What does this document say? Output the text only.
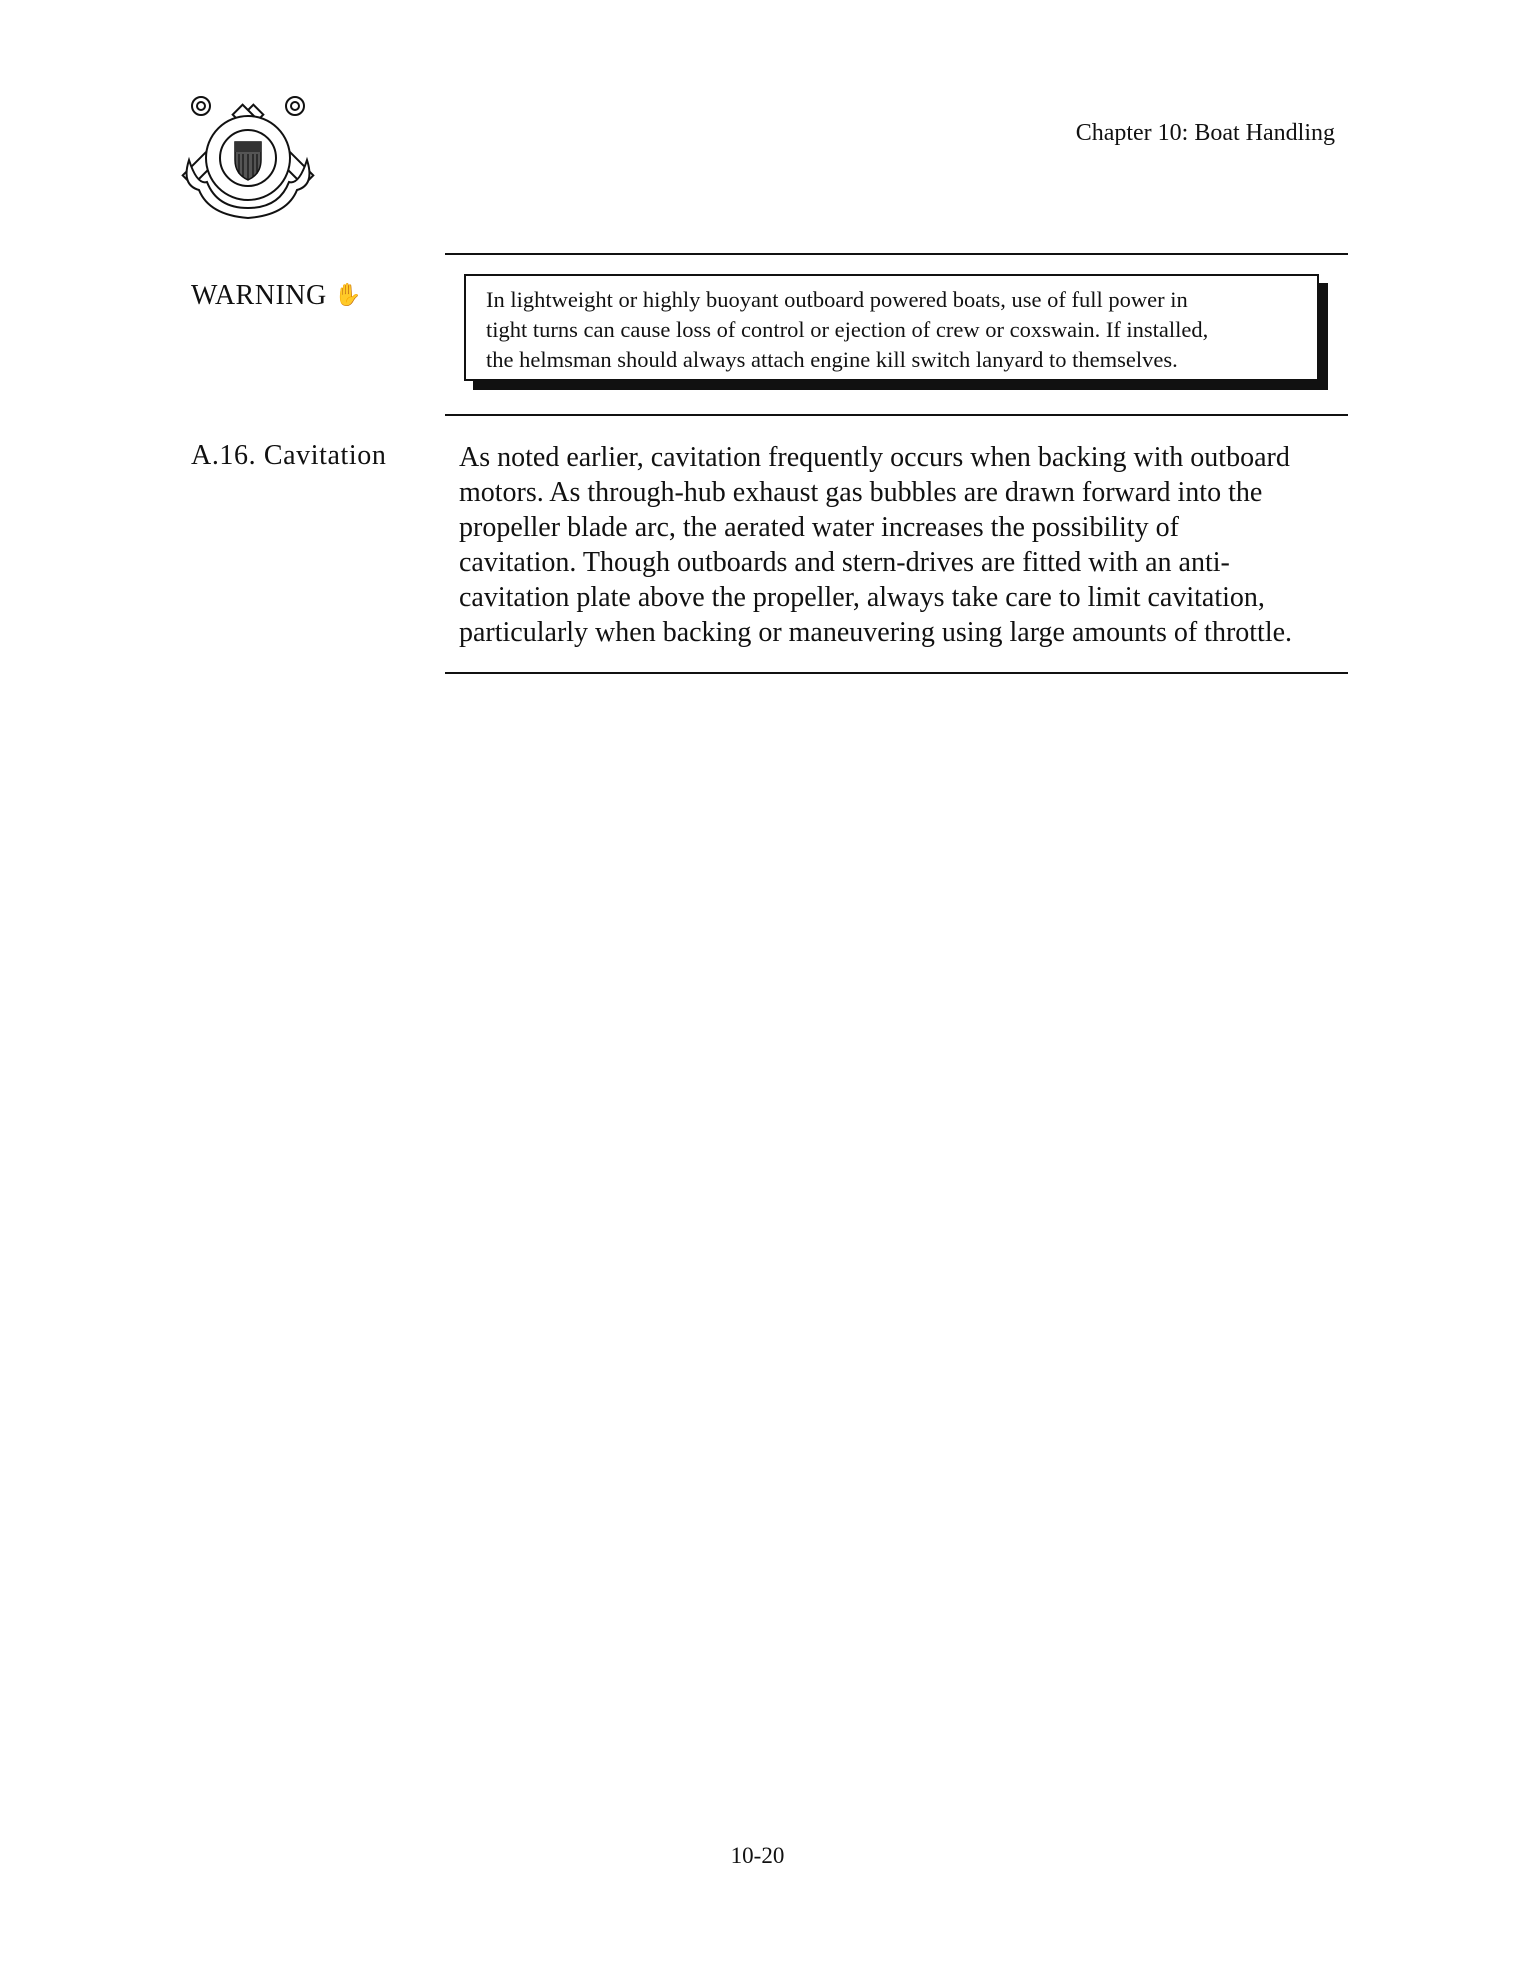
Chapter 10: Boat Handling
WARNING ✋	In lightweight or highly buoyant outboard powered boats, use of full power in
tight turns can cause loss of control or ejection of crew or coxswain. If installed,
the helmsman should always attach engine kill switch lanyard to themselves.
A.16. Cavitation	As noted earlier, cavitation frequently occurs when backing with outboard
motors. As through-hub exhaust gas bubbles are drawn forward into the
propeller blade arc, the aerated water increases the possibility of
cavitation. Though outboards and stern-drives are fitted with an anti-
cavitation plate above the propeller, always take care to limit cavitation,
particularly when backing or maneuvering using large amounts of throttle.
10-20
